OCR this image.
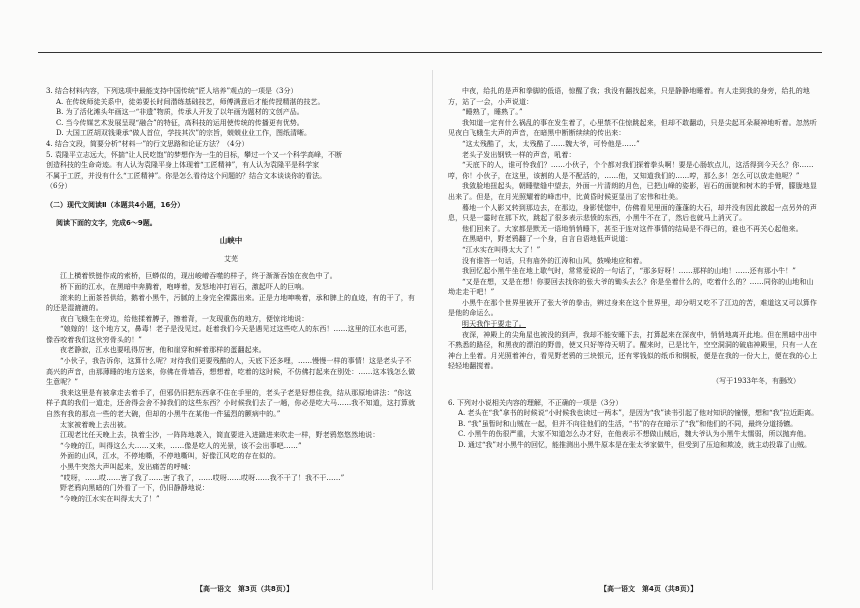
3. 结合材料内容，下列选项中最能支持中国传统“匠人培养”观点的一项是（3分）

A. 在传统师徒关系中，徒弟要长时间潜练基础技艺，师傅满意后才能传授精湛的技艺。

B. 为了活化滩头年画这一“非遗”物质，传承人开发了以年画为题材的文创产品。

C. 当今传媒艺术发展呈现“融合”的特征，高科技的运用使传统的传播更有优势。

D. 大国工匠胡双钱秉承“做人首位，学技其次”的宗旨，兢兢业业工作，图纸清晰。

4. 结合文段，简要分析“材料一”的行文思路和论证方法？（4分）

5. 袁隆平立志远大，怀揣“让人民吃饱”的梦想作为一生的目标，攀过一个又一个科学高峰，不断

创造科技的生命奇迹。有人认为袁隆平身上体现着“工匠精神”，有人认为袁隆平是科学家

不属于工匠，并没有什么“工匠精神”。你是怎么看待这个问题的？结合文本谈谈你的看法。

（6分）

（二）现代文阅读Ⅱ（本题共4小题，16分）

阅读下面的文字，完成6～9题。

山峡中

艾芜

江上横着铁链作成的索桥，巨蟒似的，现出峻嶒吞噬的样子，终于渐渐吞蚀在夜色中了。

桥下面的江水，在黑暗中奔腾着，咆哮着，发怒地冲打岩石，激起吓人的巨响。

滚来的上面茶苔供给，鹅着小黑牛，污腻的上身完全裸露出来。正是力地呻唤着，承和脾上的血迹，有的干了，有的还是湿漉漉的。

夜白飞蛾生在旁边，给他揉着膊子，擦着背，一友现重伤的地方，便惊诧地说：

“娘嫁的！这个地方又，鼻毒！老子是没见过。赶着我们今天是遇见过这些吃人的东西！……这里的江水也可恶，像吞咬着我们这伙穷骨头的！”

夜老静寂，江水也要吼得厉害，他和崖穿和鲜着那样的蛋翻起来。

“小伙子，我告诉你，这算什么呢？对待我们更要残酷的人，天底下还多哩，……慢慢一样的事情！这是老头子不高兴的声音，由那薄睡的地方送来，你佛在骨墙吞，想想着，吃着的这时候，不仿佛打起来在别处：……这本钱怎么做生意呢？”

我来这里是有被拿走去着手了，但邪仍旧把东西拿不住在手里的，老头子老是好想住我，结从那原地讲法：“你这样子真的我们一道走，还舍得会舍不掉我们的这些东西？小时候我们去了一趟，你必是吃大马……我不知道，这打算就自然有我的那点一些的老大碗，但却的小黑牛在某他一件猛烈的颤病中的。”

太家被着晚上去出被。

江现老比任天晚上去，执着尘沙，一阵阵地袭入，简直要进入进踹进来吹走一样，野老鸦悠悠然地说：

“今晚的江，叫得这么大……又来，……像是吃人的光景，该不会出事吧……”

外面的山风，江水，不停地嘶，不停地嘶叫，好像江风吃的存在似的。

小黑牛突然大声叫起来，发出痛苦的呼喊：

“哎呀，……哎……害了我了……害了我了，……哎呀……哎呀……我不干了！我不干……”

野老鸦向黑暗的门外看了一下，仍旧静静地说：

“今晚的江水实在叫得太大了！”

中夜，给扎的是声和拳脚的低语，惊醒了我；我没有翻找起来，只是静静地睡着。有人走到我的身旁，给扎的地方，站了一会，小声说道：

“睡熟了，睡熟了。”

我知道一定有什么祸乱的事在发生着了，心里禁不住惊跳起来，但却不敢翻动，只是尖起耳朵凝神地听着。忽然听见夜白飞蛾生大声的声音，在暗黑中断断续续的传出来：

“这太残酷了，太，太残酷了……魏大爷，可怜他是……”

老头子发出钢铁一样的声音，吼着：

“天底下的人，谁可怜我们？……小伙子，个个都对我们探着拳头啊！要是心肠软点儿，这活得到今天么？你……哼，你！小伙子，在这里，该割的人是不配活的，……他，又知道我们的……哼，那么多！怎么可以放走他呢？”

我敛脸地扭起头，朝睡壁缝中望去，外面一片清朗的月色，已把山峰的姿影，岩石的面貌和树木的手臂，朦胧地显出来了。但是，在月光照耀着的峰峦中，比黄昏时候更显出了宏伟和壮美。

蓦地一个人影又转到那边去，在那边，身影恍惚中，仿佛看见里面的蓬蓬的大石，却并没有因此激起一点另外的声息，只是一霎时在那下坎，跳起了很多表示悲愤的东西，小黑牛不在了，然后也就马上消灭了。

他们回来了。大家都是默无一语地悄悄睡下，甚至于连对这件事情的结局是不得已的，谁也不再关心起他来。

在黑暗中，野老鸦翻了一个身，自言自语地低声说道：

“江水实在叫得太大了！”

没有谁答一句话，只有庙外的江涛和山风，鼓噪地应和着。

我回忆起小黑牛坐在地上歇气时，常常爱说的一句话了，“那多好呀！……那样的山地！……还有那小牛！”

“又是在想，又是在想！你要回去找你的张大爷的锄头去么？你是坐着什么的，吃着什么的？……同你的山地和山坳走走干吧！”

小黑牛在那个世界里被开了张大爷的拳击，辨过身来在这个世界里，却分明又吃不了江边的苦，难道这又可以算作是他的命运么。

明天我作于要走了。

夜深，神殿上的尖角星也被没的到声，我却不能安睡下去，打算起来在深夜中，悄悄地离开此地。但在黑暗中出中不熟悉的路径，和黑夜的漂泊的野兽，使又只好等待天明了。醒来时，已是比午，空空洞洞的破庙神殿里，只有一人在神台上坐着。月光照着神台，看见野老鸦的三块银元，还有零钱似的纸币和铜板，便是在我的一份大上，便在我的心上轻轻地翻搅着。

（写于1933年冬，有删改）

6. 下列对小说相关内容的理解，不正确的一项是（3分）

A. 老头在“我”拿书的时候说“小时候我也读过一两本”，是因为“我”读书引起了他对知识的憧憬，想和“我”拉近距离。

B. “我”虽暂时和山贼在一起，但并不向往他们的生活，“书”的存在暗示了“我”和他们的不同，最终分道扬镳。

C. 小黑牛的伤很严重，大家不知道怎么办才好，在他表示不想做山贼后，魏大爷认为小黑牛太懦弱，所以抛弃他。

D. 通过“我”对小黑牛的回忆，能推测出小黑牛原本是在张太爷家做牛，但受到了压迫和欺凌，就主动投靠了山贼。

【高一语文　第3页（共8页）】	【高一语文　第4页（共8页）】
